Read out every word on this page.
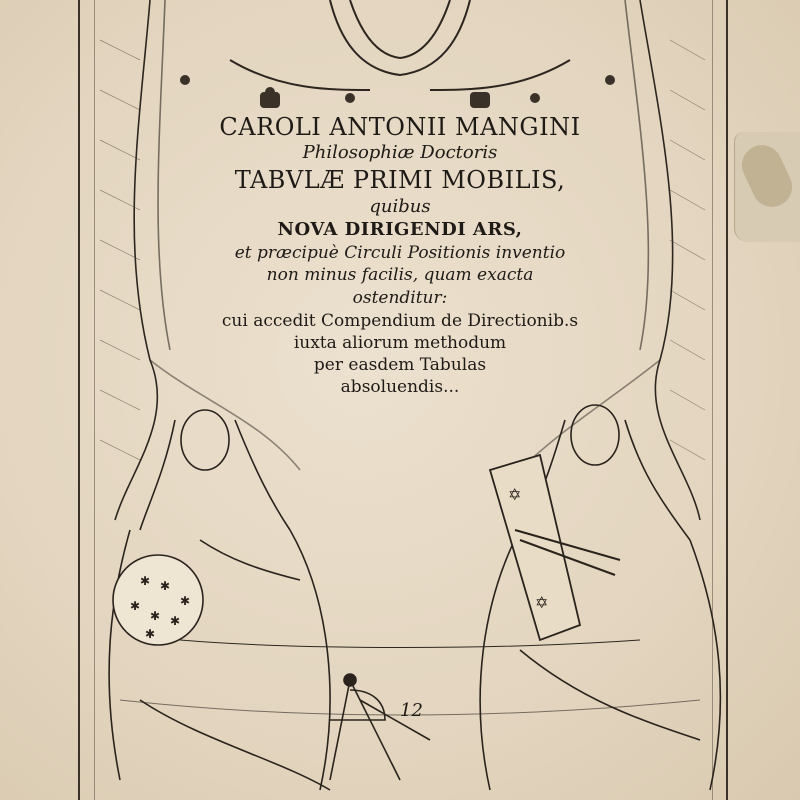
✱ ✱
✱
✱
✱ ✱
✱
✡
✡
CAROLI ANTONII MANGINI
Philosophiæ Doctoris
TABVLÆ PRIMI MOBILIS,
quibus
NOVA DIRIGENDI ARS,
et præcipuè Circuli Positionis inventio
non minus facilis, quam exacta
ostenditur:
cui accedit Compendium de Directionib.s
iuxta aliorum methodum
per easdem Tabulas
absoluendis...
12
